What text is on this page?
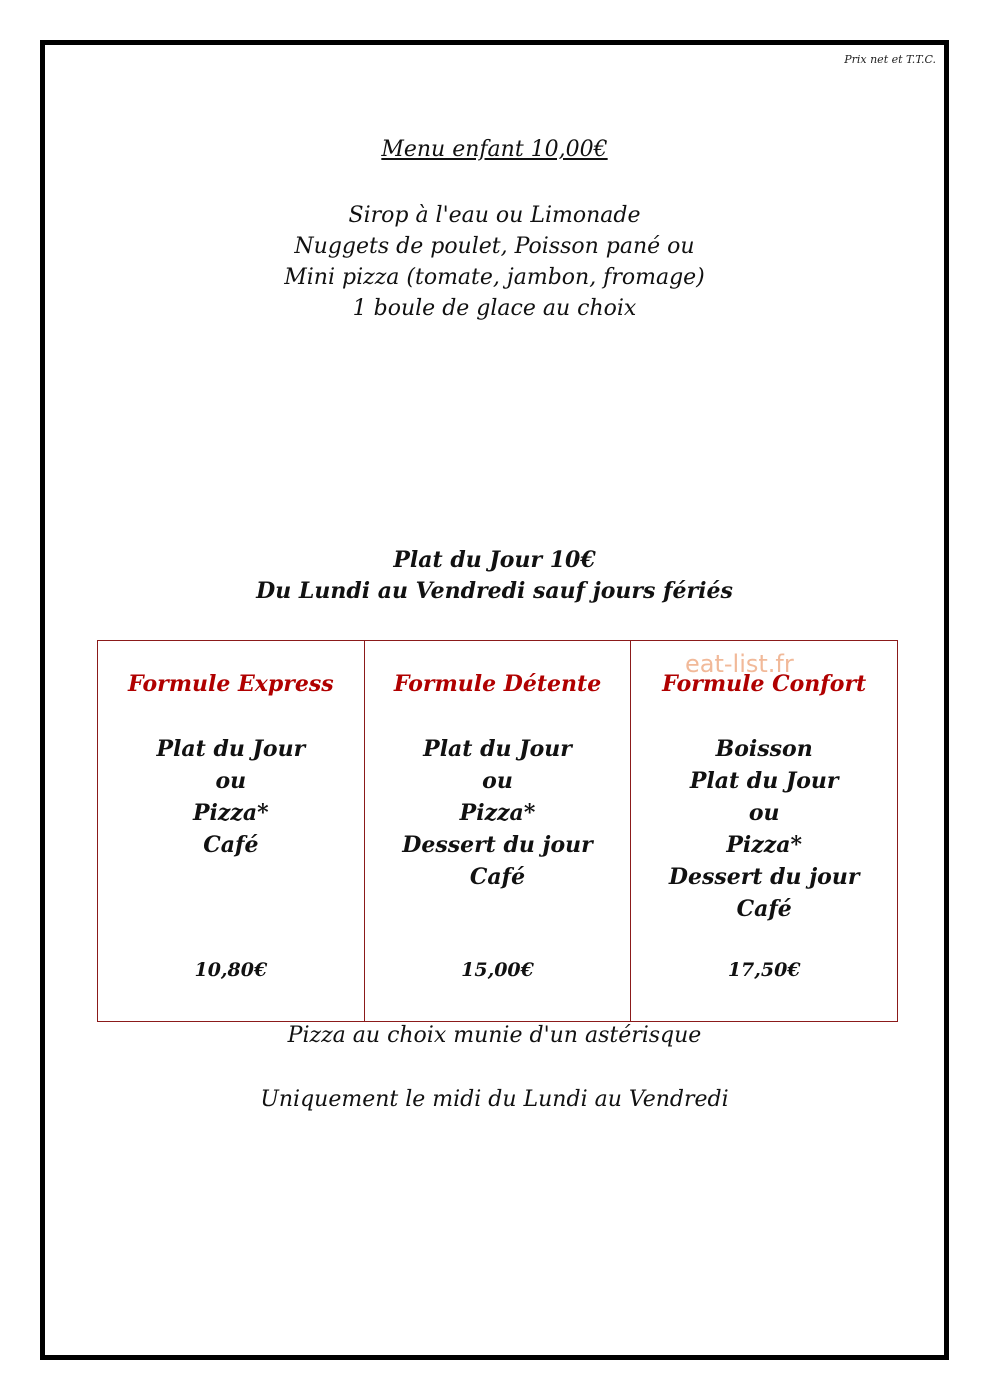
Prix net et T.T.C.
Menu enfant 10,00€
Sirop à l'eau ou Limonade
Nuggets de poulet, Poisson pané ou
Mini pizza (tomate, jambon, fromage)
1 boule de glace au choix
Plat du Jour 10€
Du Lundi au Vendredi sauf jours fériés
Formule Express
Plat du Jour
ou
Pizza*
Café
10,80€
Formule Détente
Plat du Jour
ou
Pizza*
Dessert du jour
Café
15,00€
Formule Confort
Boisson
Plat du Jour
ou
Pizza*
Dessert du jour
Café
17,50€
eat-list.fr
Pizza au choix munie d'un astérisque
Uniquement le midi du Lundi au Vendredi
